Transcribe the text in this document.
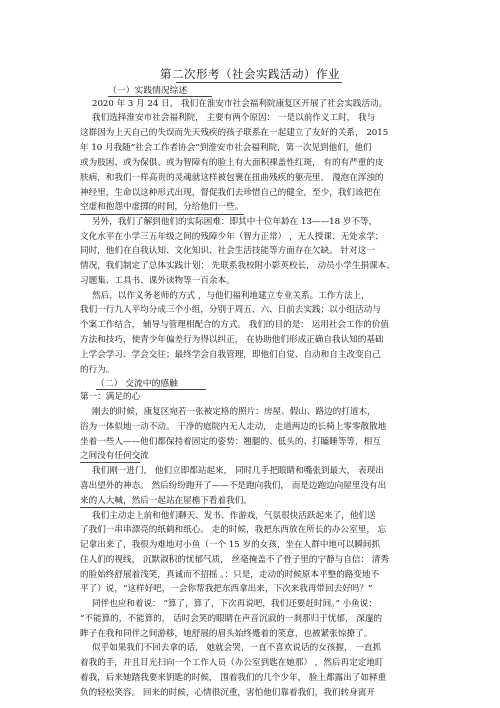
第二次形考（社会实践活动）作业
（一）实践情况综述
2020 年 3 月 24 日， 我们在淮安市社会福利院康复区开展了社会实践活动。
我们选择淮安市社会福利院， 主要有两个原因： 一是以前作义工时， 我与
这群因为上天自己的失误而先天残疾的孩子联系在一起建立了友好的关系， 2015
年 10 月我随“社会工作者协会”到淮安市社会福利院，第一次见到他们，他们
或为肢困、或为保俱、或为智障有的脸上有大面积裸盖性红斑， 有的有严重的皮
肤病，和我们一样高贵的灵魂就这样被包裹在扭曲残疾的躯壳里， 漫泡在浑浊的
神经里，生命以这种形式出现，督促我们去珍惜自己的健全，至少，我们该把在
空虚和抱怨中虚掷的时间，分给他们一些。
另外，我们了解到他们的实际困难：即其中十位年龄在 13——18 岁不等，
文化水平在小学三五年级之间的残障少年（智力正常） ，无人授课、无处求学；
同时，他们在自我认知、文化知识、社会生活技能等方面存在欠缺。 针对这一
情况，我们制定了总体实践计划： 先联系我校附小影英校长， 动员小学生捐课本、
习题集、工具书、课外读物等一百余本。
然后，以作义务老师的方式 ，与他们福利地建立专业关系。工作方法上，
我们一行九人平均分成三个小组，分别于周五、六、日前去实践；以小组活动与
个案工作结合， 辅导与管理相配合的方式。 我们的目的是： 运用社会工作的价值
方法和技巧，使青少年偏差行为得以纠正， 在协助他们形成正确自我认知的基础
上学会学习、学会交往；最终学会自我管理，即他们自觉、自动和自主改变自己
的行为。
（二） 交流中的感触
第一：满足的心
刚去的时候，康复区宛若一张被定格的照片：房屋、假山、路边的打道木，
浴为一体似地一动不动。 干净的庭院内无人走动， 走道两边的长椅上零零散散地
坐着一些人——他们都保持着固定的姿势：翘腿的、低头的、打瞌睡等等，相互
之间没有任何交流
我们刚一进门， 他们立即都站起来， 同时几手把眼睛和嘴张到最大， 表现出
喜出望外的神态。 然后纷纷跑开了——不是跑向我们， 而是边跑边向屋里没有出
来的人大喊，然后一起站在屋檐下看着我们。
我们主动走上前和他们聊天、发书、作游戏，气氛很快活跃起来了，他们送
了我们一串串漂亮的纸鹤和纸心。 走的时候，我把东西放在所长的办公室里， 忘
记拿出来了，我很为难地对小鱼（一个 15 岁的女孩，坐在人群中地可以瞬间抓
住人们的视线， 沉默淑积的忧郁气质， 丝毫掩盖不了骨子里的宁静与自信： 清秀
的脸始终舒展着浅笑，真诚而不招摇 。：只是，走动的时候原本平整的路变地不
平了）说，“这样好吧，一会你帮我把东西拿出来，下次来我再带回去好吗？”
同伴也应和着说： “算了，算了，下次再说吧，我们还要赶时间。” 小鱼说：
“不能算的，不能算的， 话时会笑的眼睛在声音沉寂的一刹那归于忧郁， 深邃的
眸子在我和同伴之间游移，她舒展的眉头始终蹙着的笑意，也被紧张惊撩了。
似乎如果我们不回去拿的话， 她就会哭，一直不喜欢说话的女孩握， 一直抓
着我的手，并且目光扫向一个工作人员（办公室到匙在她那） ，然后再定定地盯
着我，后来她踏我要来钥匙的时候， 围着我们的几个少年， 脸上都露出了如释重
负的轻松笑容。 回来的时候，心情很沉重，害怕他们靠着我们，我们转身离开
